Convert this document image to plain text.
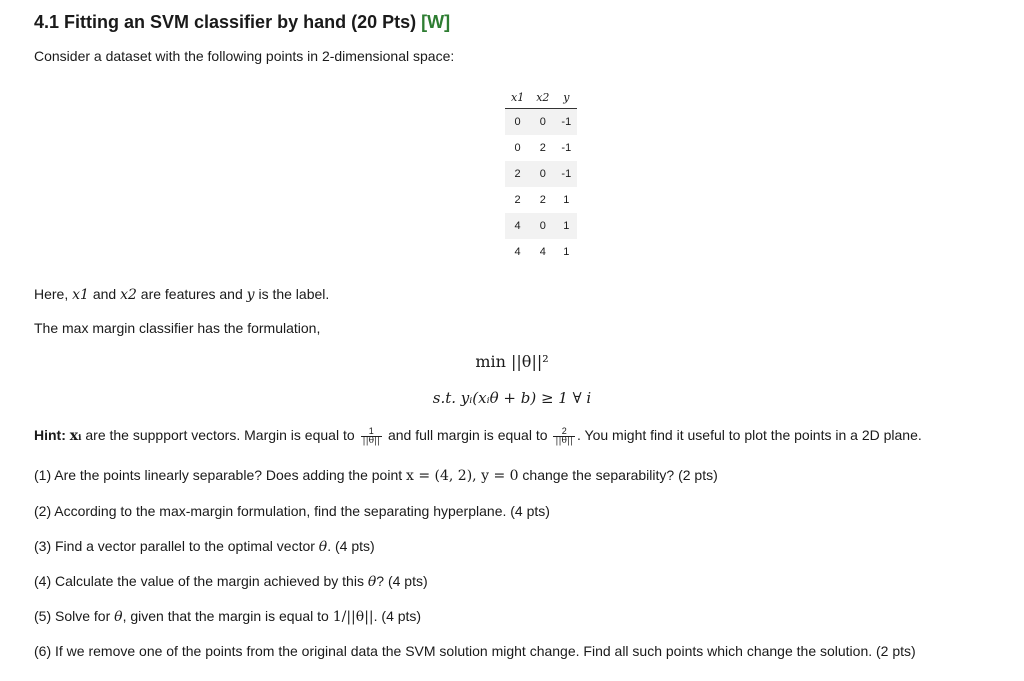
4.1 Fitting an SVM classifier by hand (20 Pts) [W]
Consider a dataset with the following points in 2-dimensional space:
x1	x2	y
0	0	-1
0	2	-1
2	0	-1
2	2	1
4	0	1
4	4	1
Here, x1 and x2 are features and y is the label.
The max margin classifier has the formulation,
min ||θ||²
s.t. yᵢ(xᵢθ + b) ≥ 1 ∀ i
Hint: xᵢ are the suppport vectors. Margin is equal to $\frac{1}{||\theta||}$ and full margin is equal to $\frac{2}{||\theta||}$ . You might find it useful to plot the points in a 2D plane.
(1) Are the points linearly separable? Does adding the point x = (4, 2), y = 0 change the separability? (2 pts)
(2) According to the max-margin formulation, find the separating hyperplane. (4 pts)
(3) Find a vector parallel to the optimal vector θ. (4 pts)
(4) Calculate the value of the margin achieved by this θ? (4 pts)
(5) Solve for θ, given that the margin is equal to 1/||θ||. (4 pts)
(6) If we remove one of the points from the original data the SVM solution might change. Find all such points which change the solution. (2 pts)
